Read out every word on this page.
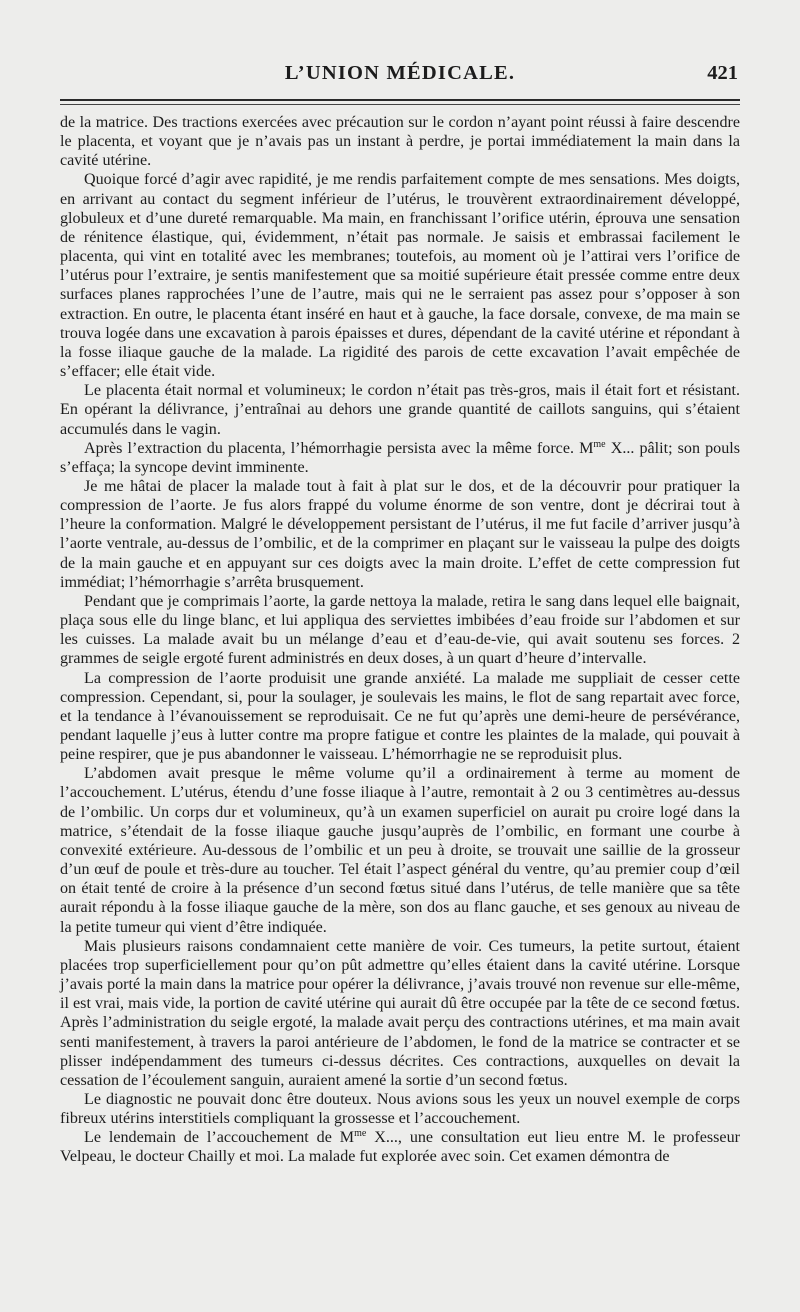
L’UNION MÉDICALE.	421

de la matrice. Des tractions exercées avec précaution sur le cordon n’ayant point réussi à faire descendre le placenta, et voyant que je n’avais pas un instant à perdre, je portai immédiatement la main dans la cavité utérine.

Quoique forcé d’agir avec rapidité, je me rendis parfaitement compte de mes sensations. Mes doigts, en arrivant au contact du segment inférieur de l’utérus, le trouvèrent extraordinairement développé, globuleux et d’une dureté remarquable. Ma main, en franchissant l’orifice utérin, éprouva une sensation de rénitence élastique, qui, évidemment, n’était pas normale. Je saisis et embrassai facilement le placenta, qui vint en totalité avec les membranes; toutefois, au moment où je l’attirai vers l’orifice de l’utérus pour l’extraire, je sentis manifestement que sa moitié supérieure était pressée comme entre deux surfaces planes rapprochées l’une de l’autre, mais qui ne le serraient pas assez pour s’opposer à son extraction. En outre, le placenta étant inséré en haut et à gauche, la face dorsale, convexe, de ma main se trouva logée dans une excavation à parois épaisses et dures, dépendant de la cavité utérine et répondant à la fosse iliaque gauche de la malade. La rigidité des parois de cette excavation l’avait empêchée de s’effacer; elle était vide.

Le placenta était normal et volumineux; le cordon n’était pas très-gros, mais il était fort et résistant. En opérant la délivrance, j’entraînai au dehors une grande quantité de caillots sanguins, qui s’étaient accumulés dans le vagin.

Après l’extraction du placenta, l’hémorrhagie persista avec la même force. $M^{me}$ X... pâlit; son pouls s’effaça; la syncope devint imminente.

Je me hâtai de placer la malade tout à fait à plat sur le dos, et de la découvrir pour pratiquer la compression de l’aorte. Je fus alors frappé du volume énorme de son ventre, dont je décrirai tout à l’heure la conformation. Malgré le développement persistant de l’utérus, il me fut facile d’arriver jusqu’à l’aorte ventrale, au-dessus de l’ombilic, et de la comprimer en plaçant sur le vaisseau la pulpe des doigts de la main gauche et en appuyant sur ces doigts avec la main droite. L’effet de cette compression fut immédiat; l’hémorrhagie s’arrêta brusquement.

Pendant que je comprimais l’aorte, la garde nettoya la malade, retira le sang dans lequel elle baignait, plaça sous elle du linge blanc, et lui appliqua des serviettes imbibées d’eau froide sur l’abdomen et sur les cuisses. La malade avait bu un mélange d’eau et d’eau-de-vie, qui avait soutenu ses forces. 2 grammes de seigle ergoté furent administrés en deux doses, à un quart d’heure d’intervalle.

La compression de l’aorte produisit une grande anxiété. La malade me suppliait de cesser cette compression. Cependant, si, pour la soulager, je soulevais les mains, le flot de sang repartait avec force, et la tendance à l’évanouissement se reproduisait. Ce ne fut qu’après une demi-heure de persévérance, pendant laquelle j’eus à lutter contre ma propre fatigue et contre les plaintes de la malade, qui pouvait à peine respirer, que je pus abandonner le vaisseau. L’hémorrhagie ne se reproduisit plus.

L’abdomen avait presque le même volume qu’il a ordinairement à terme au moment de l’accouchement. L’utérus, étendu d’une fosse iliaque à l’autre, remontait à 2 ou 3 centimètres au-dessus de l’ombilic. Un corps dur et volumineux, qu’à un examen superficiel on aurait pu croire logé dans la matrice, s’étendait de la fosse iliaque gauche jusqu’auprès de l’ombilic, en formant une courbe à convexité extérieure. Au-dessous de l’ombilic et un peu à droite, se trouvait une saillie de la grosseur d’un œuf de poule et très-dure au toucher. Tel était l’aspect général du ventre, qu’au premier coup d’œil on était tenté de croire à la présence d’un second fœtus situé dans l’utérus, de telle manière que sa tête aurait répondu à la fosse iliaque gauche de la mère, son dos au flanc gauche, et ses genoux au niveau de la petite tumeur qui vient d’être indiquée.

Mais plusieurs raisons condamnaient cette manière de voir. Ces tumeurs, la petite surtout, étaient placées trop superficiellement pour qu’on pût admettre qu’elles étaient dans la cavité utérine. Lorsque j’avais porté la main dans la matrice pour opérer la délivrance, j’avais trouvé non revenue sur elle-même, il est vrai, mais vide, la portion de cavité utérine qui aurait dû être occupée par la tête de ce second fœtus. Après l’administration du seigle ergoté, la malade avait perçu des contractions utérines, et ma main avait senti manifestement, à travers la paroi antérieure de l’abdomen, le fond de la matrice se contracter et se plisser indépendamment des tumeurs ci-dessus décrites. Ces contractions, auxquelles on devait la cessation de l’écoulement sanguin, auraient amené la sortie d’un second fœtus.

Le diagnostic ne pouvait donc être douteux. Nous avions sous les yeux un nouvel exemple de corps fibreux utérins interstitiels compliquant la grossesse et l’accouchement.

Le lendemain de l’accouchement de $M^{me}$ X..., une consultation eut lieu entre M. le professeur Velpeau, le docteur Chailly et moi. La malade fut explorée avec soin. Cet examen démontra de
